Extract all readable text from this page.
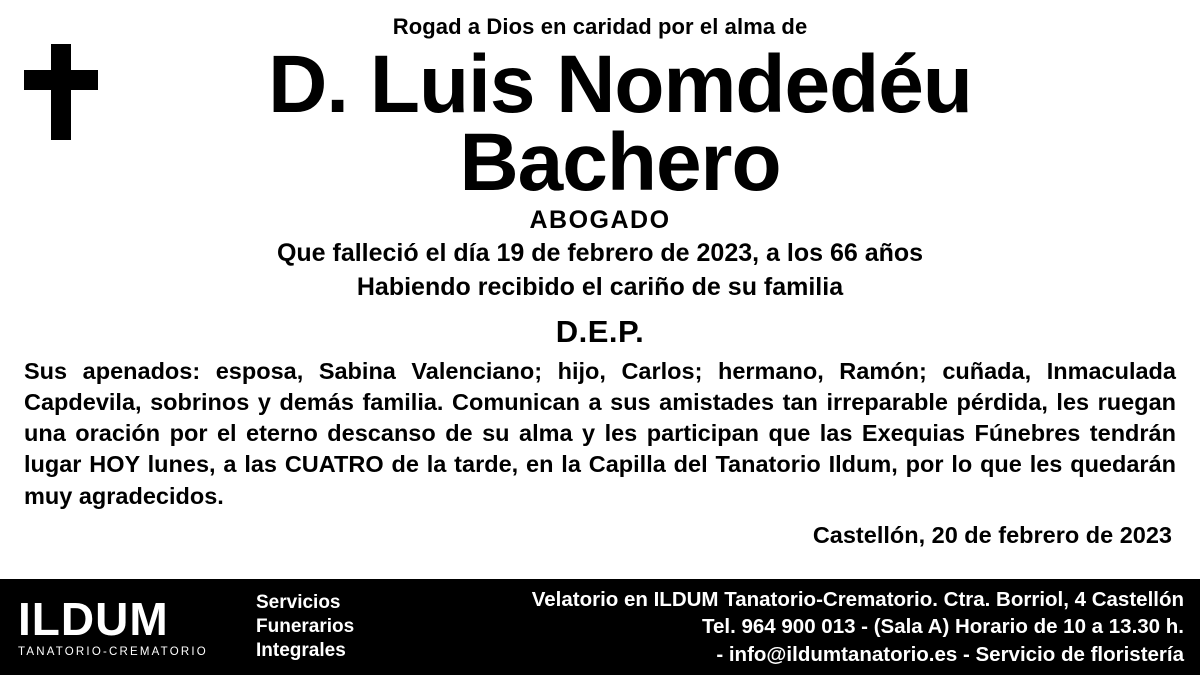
Rogad a Dios en caridad por el alma de
D. Luis Nomdedéu
Bachero
ABOGADO
Que falleció el día 19 de febrero de 2023, a los 66 años
Habiendo recibido el cariño de su familia
D.E.P.
Sus apenados: esposa, Sabina Valenciano; hijo, Carlos; hermano, Ramón; cuñada, Inmaculada Capdevila, sobrinos y demás familia. Comunican a sus amistades tan irreparable pérdida, les ruegan una oración por el eterno descanso de su alma y les participan que las Exequias Fúnebres tendrán lugar HOY lunes, a las CUATRO de la tarde, en la Capilla del Tanatorio Ildum, por lo que les quedarán muy agradecidos.
Castellón, 20 de febrero de 2023
ILDUM
TANATORIO-CREMATORIO
Servicios
Funerarios
Integrales
Velatorio en ILDUM Tanatorio-Crematorio. Ctra. Borriol, 4 Castellón
Tel. 964 900 013 - (Sala A) Horario de 10 a 13.30 h.
- info@ildumtanatorio.es - Servicio de floristería
